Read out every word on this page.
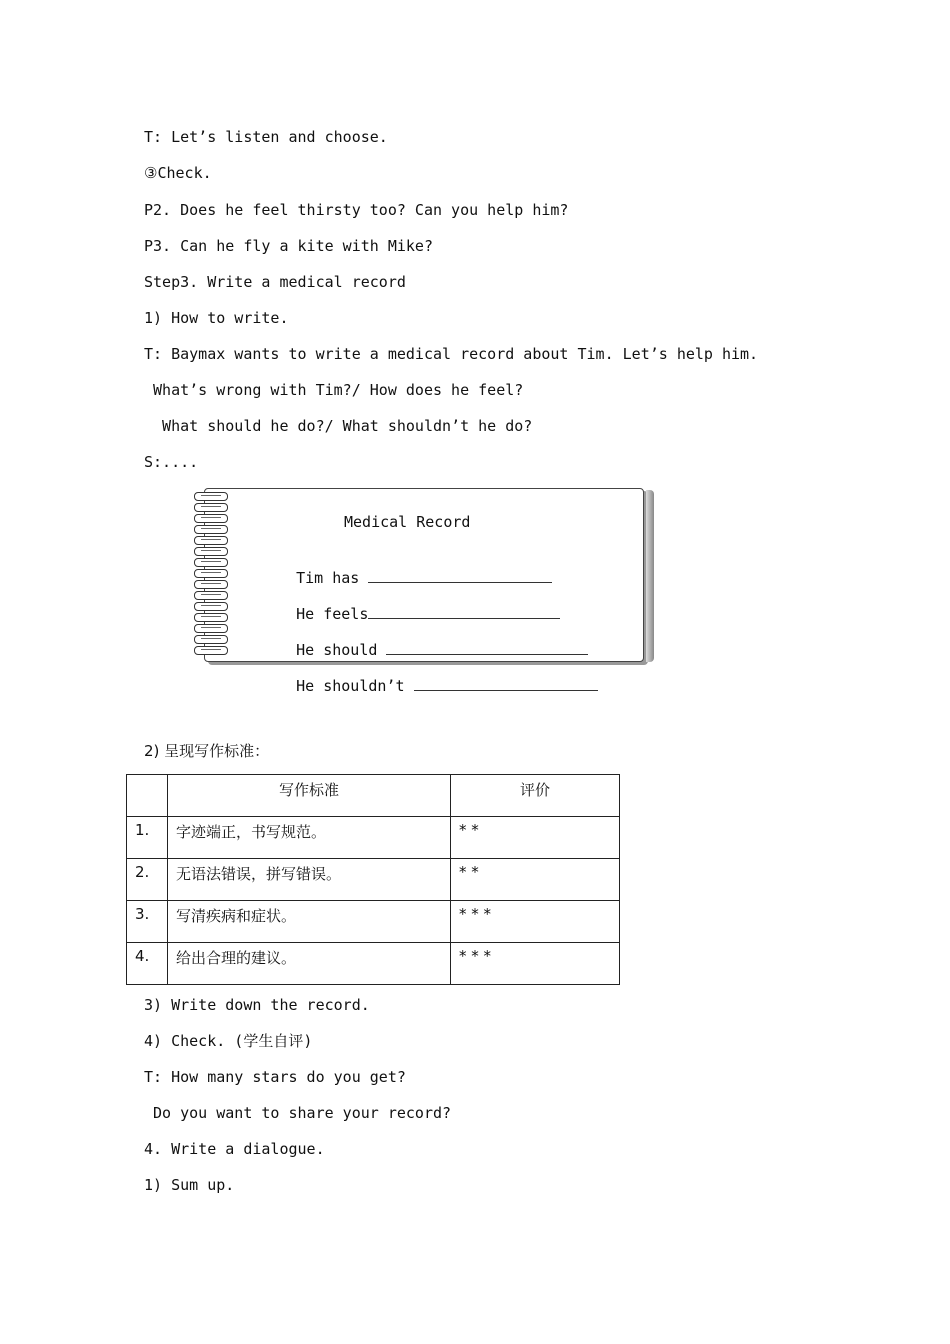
T: Let’s listen and choose.
③Check.
P2. Does he feel thirsty too? Can you help him?
P3. Can he fly a kite with Mike?
Step3. Write a medical record
1) How to write.
T: Baymax wants to write a medical record about Tim. Let’s help him.
What’s wrong with Tim?/ How does he feel?
What should he do?/ What shouldn’t he do?
S:....
Medical Record

Tim has

He feels

He should

He shouldn’t

2) 呈现写作标准：
	写作标准	评价
1.	字迹端正，书写规范。	* *
2.	无语法错误，拼写错误。	* *
3.	写清疾病和症状。	* * *
4.	给出合理的建议。	* * *
3) Write down the record.
4) Check. (学生自评)
T: How many stars do you get?
Do you want to share your record?
4. Write a dialogue.
1) Sum up.
